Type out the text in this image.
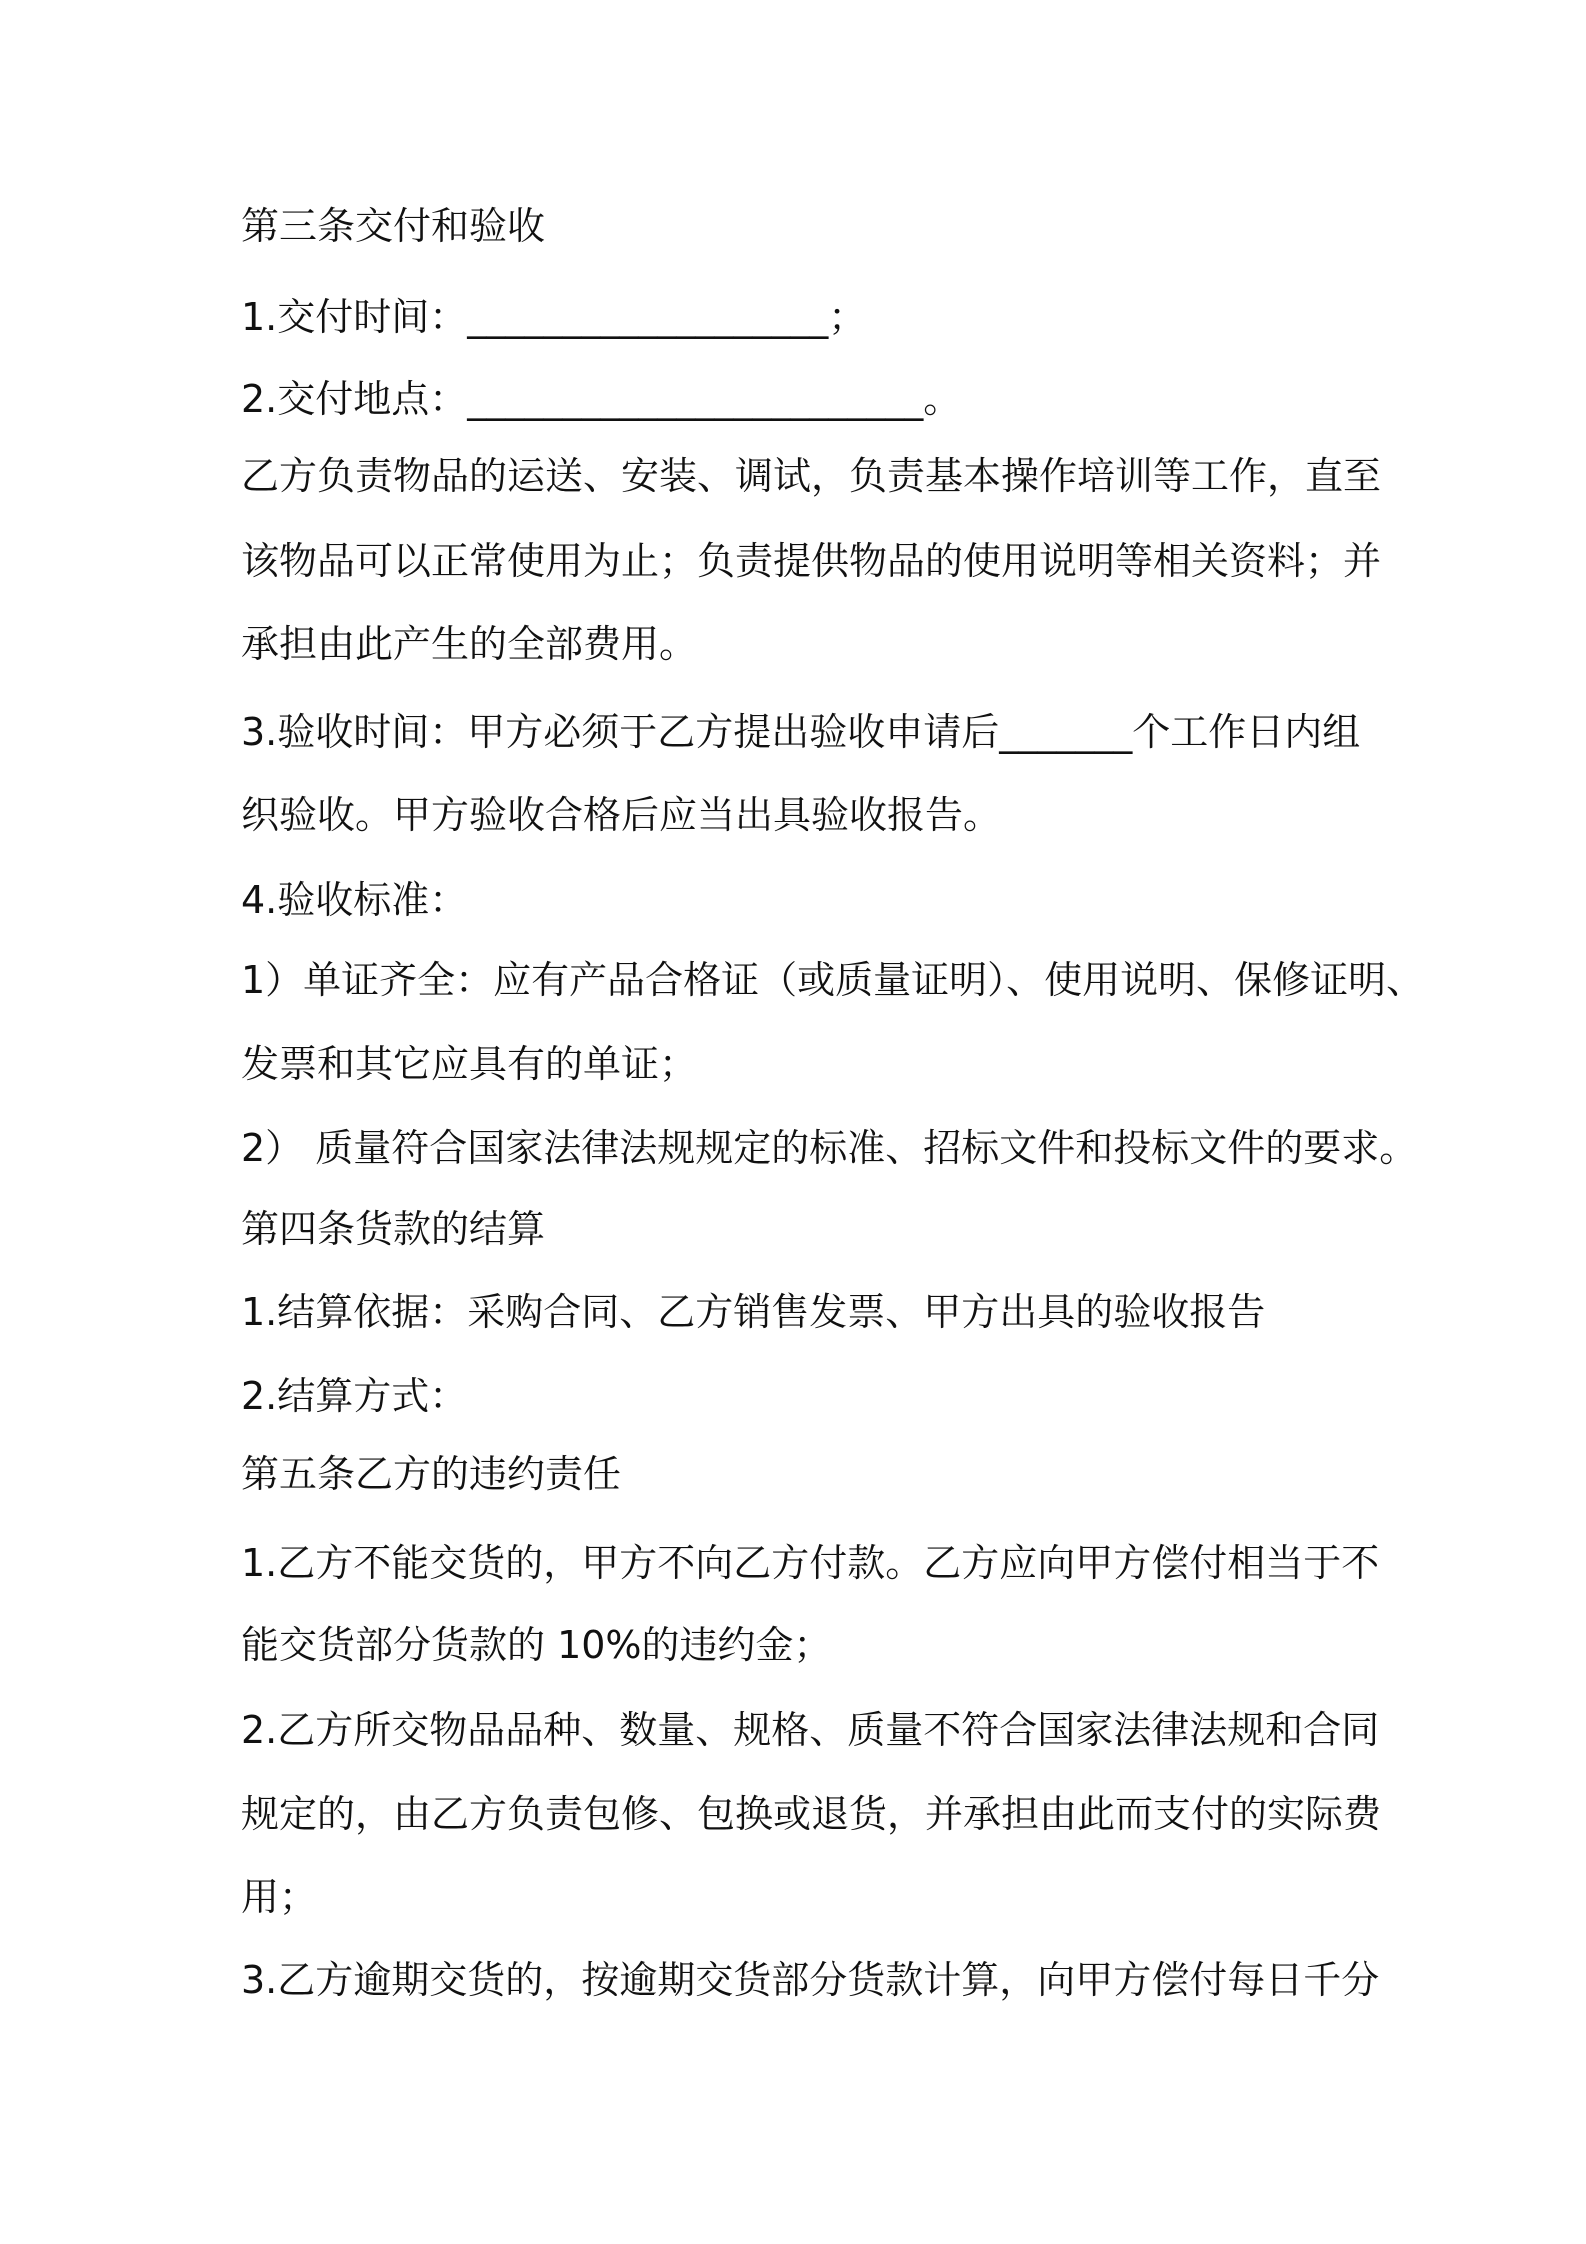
第三条交付和验收
1.交付时间：___________________；
2.交付地点：________________________。
乙方负责物品的运送、安装、调试，负责基本操作培训等工作，直至
该物品可以正常使用为止；负责提供物品的使用说明等相关资料；并
承担由此产生的全部费用。
3.验收时间：甲方必须于乙方提出验收申请后_______个工作日内组
织验收。甲方验收合格后应当出具验收报告。
4.验收标准：
1）单证齐全：应有产品合格证（或质量证明）、使用说明、保修证明、
发票和其它应具有的单证；
2） 质量符合国家法律法规规定的标准、招标文件和投标文件的要求。
第四条货款的结算
1.结算依据：采购合同、乙方销售发票、甲方出具的验收报告
2.结算方式：
第五条乙方的违约责任
1.乙方不能交货的，甲方不向乙方付款。乙方应向甲方偿付相当于不
能交货部分货款的 10%的违约金；
2.乙方所交物品品种、数量、规格、质量不符合国家法律法规和合同
规定的，由乙方负责包修、包换或退货，并承担由此而支付的实际费
用；
3.乙方逾期交货的，按逾期交货部分货款计算，向甲方偿付每日千分
